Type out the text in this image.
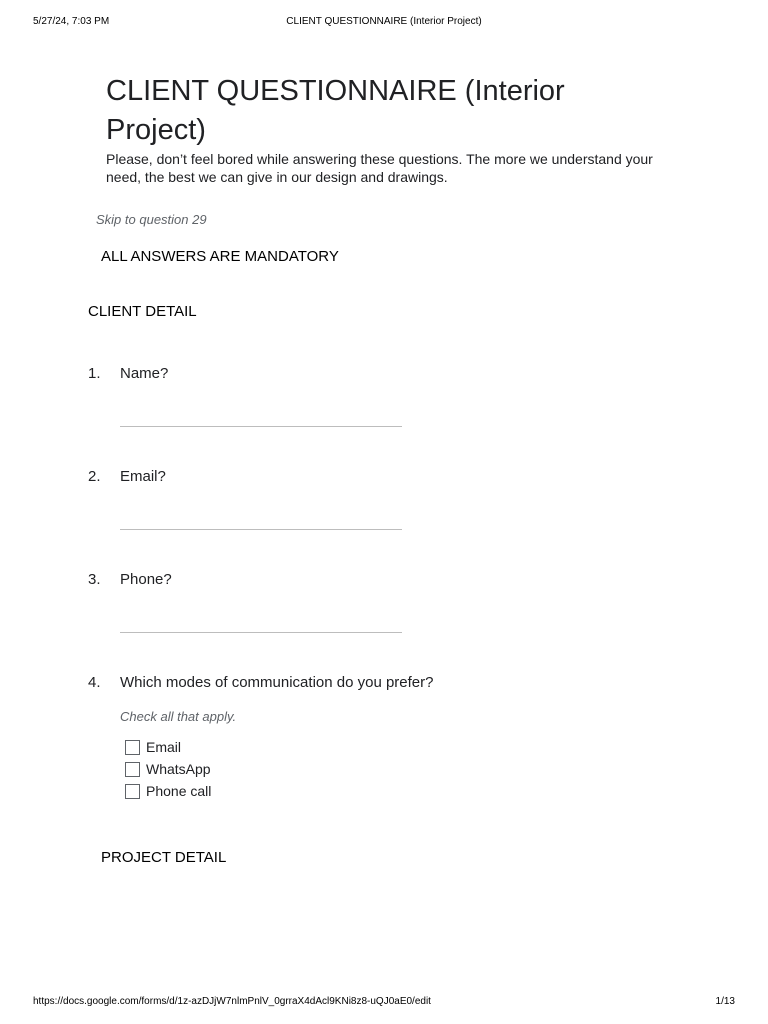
5/27/24, 7:03 PM	CLIENT QUESTIONNAIRE (Interior Project)
CLIENT QUESTIONNAIRE (Interior Project)
Please, don’t feel bored while answering these questions. The more we understand your need, the best we can give in our design and drawings.
Skip to question 29
ALL ANSWERS ARE MANDATORY
CLIENT DETAIL
1. Name?
2. Email?
3. Phone?
4. Which modes of communication do you prefer?
Check all that apply.
Email
WhatsApp
Phone call
PROJECT DETAIL
https://docs.google.com/forms/d/1z-azDJjW7nlmPnlV_0grraX4dAcl9KNi8z8-uQJ0aE0/edit	1/13
